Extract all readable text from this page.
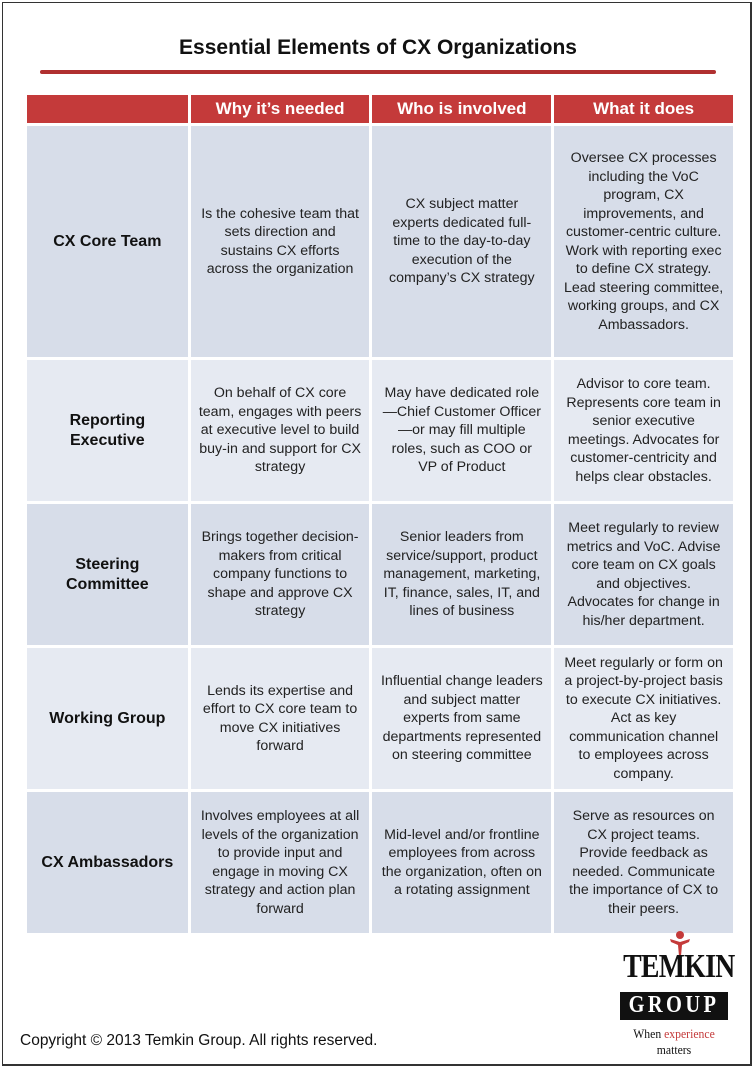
Essential Elements of CX Organizations
	Why it’s needed	Who is involved	What it does
CX Core Team	Is the cohesive team that sets direction and sustains CX efforts across the organization	CX subject matter experts dedicated full-time to the day-to-day execution of the company’s CX strategy	Oversee CX processes including the VoC program, CX improvements, and customer-centric culture. Work with reporting exec to define CX strategy. Lead steering committee, working groups, and CX Ambassadors.
Reporting Executive	On behalf of CX core team, engages with peers at executive level to build buy-in and support for CX strategy	May have dedicated role—Chief Customer Officer—or may fill multiple roles, such as COO or VP of Product	Advisor to core team. Represents core team in senior executive meetings. Advocates for customer-centricity and helps clear obstacles.
Steering Committee	Brings together decision-makers from critical company functions to shape and approve CX strategy	Senior leaders from service/support, product management, marketing, IT, finance, sales, IT, and lines of business	Meet regularly to review metrics and VoC. Advise core team on CX goals and objectives. Advocates for change in his/her department.
Working Group	Lends its expertise and effort to CX core team to move CX initiatives forward	Influential change leaders and subject matter experts from same departments represented on steering committee	Meet regularly or form on a project-by-project basis to execute CX initiatives. Act as key communication channel to employees across company.
CX Ambassadors	Involves employees at all levels of the organization to provide input and engage in moving CX strategy and action plan forward	Mid-level and/or frontline employees from across the organization, often on a rotating assignment	Serve as resources on CX project teams. Provide feedback as needed. Communicate the importance of CX to their peers.
Copyright © 2013 Temkin Group. All rights reserved.
TEMKIN
GROUP
When experience matters
